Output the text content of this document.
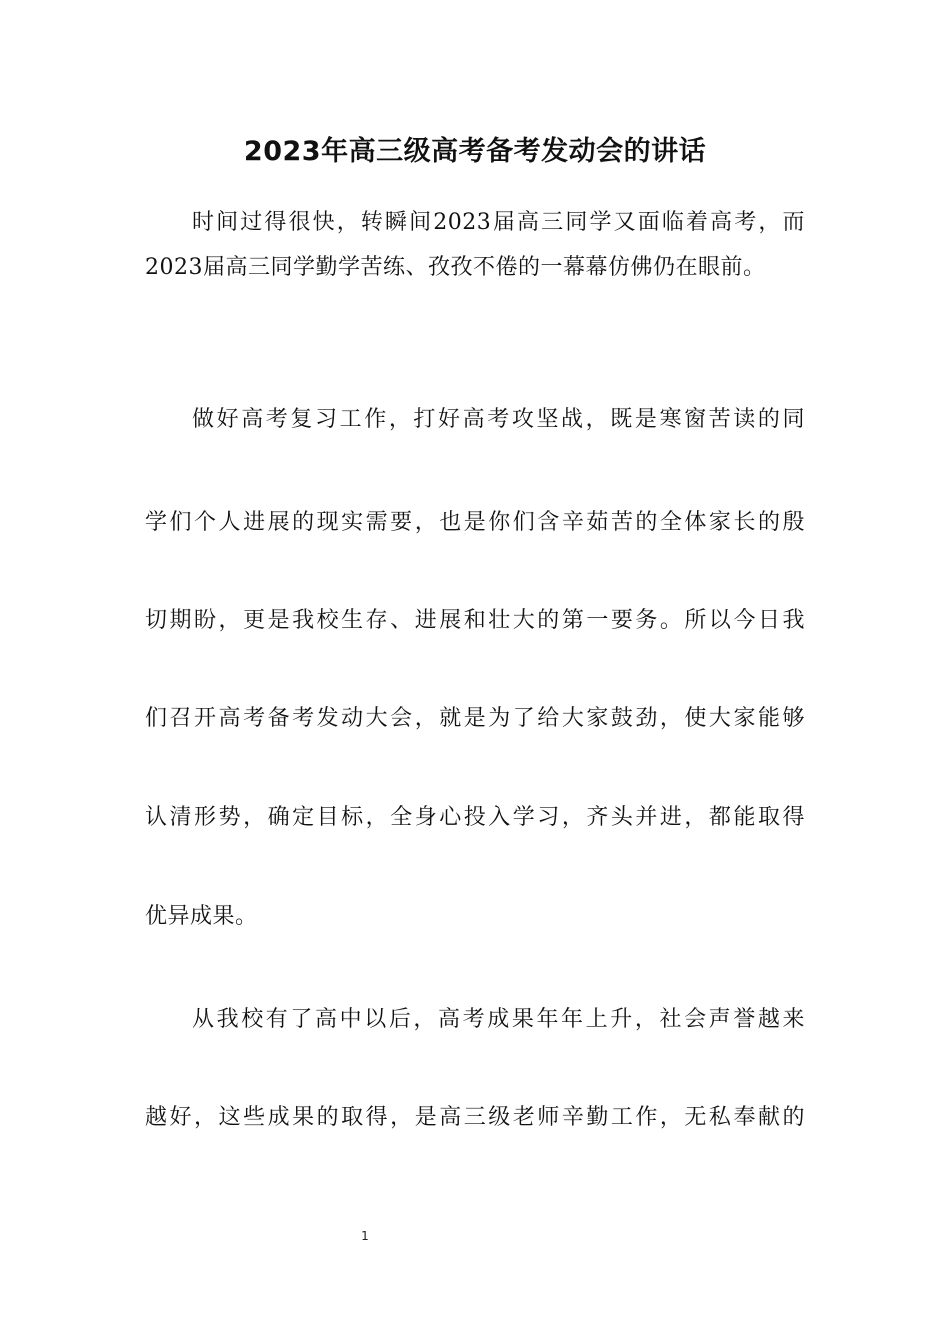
2023年高三级高考备考发动会的讲话
时间过得很快，转瞬间2023届高三同学又面临着高考，而
2023届高三同学勤学苦练、孜孜不倦的一幕幕仿佛仍在眼前。
做好高考复习工作，打好高考攻坚战，既是寒窗苦读的同
学们个人进展的现实需要，也是你们含辛茹苦的全体家长的殷
切期盼，更是我校生存、进展和壮大的第一要务。所以今日我
们召开高考备考发动大会，就是为了给大家鼓劲，使大家能够
认清形势，确定目标，全身心投入学习，齐头并进，都能取得
优异成果。
从我校有了高中以后，高考成果年年上升，社会声誉越来
越好，这些成果的取得，是高三级老师辛勤工作，无私奉献的
1
